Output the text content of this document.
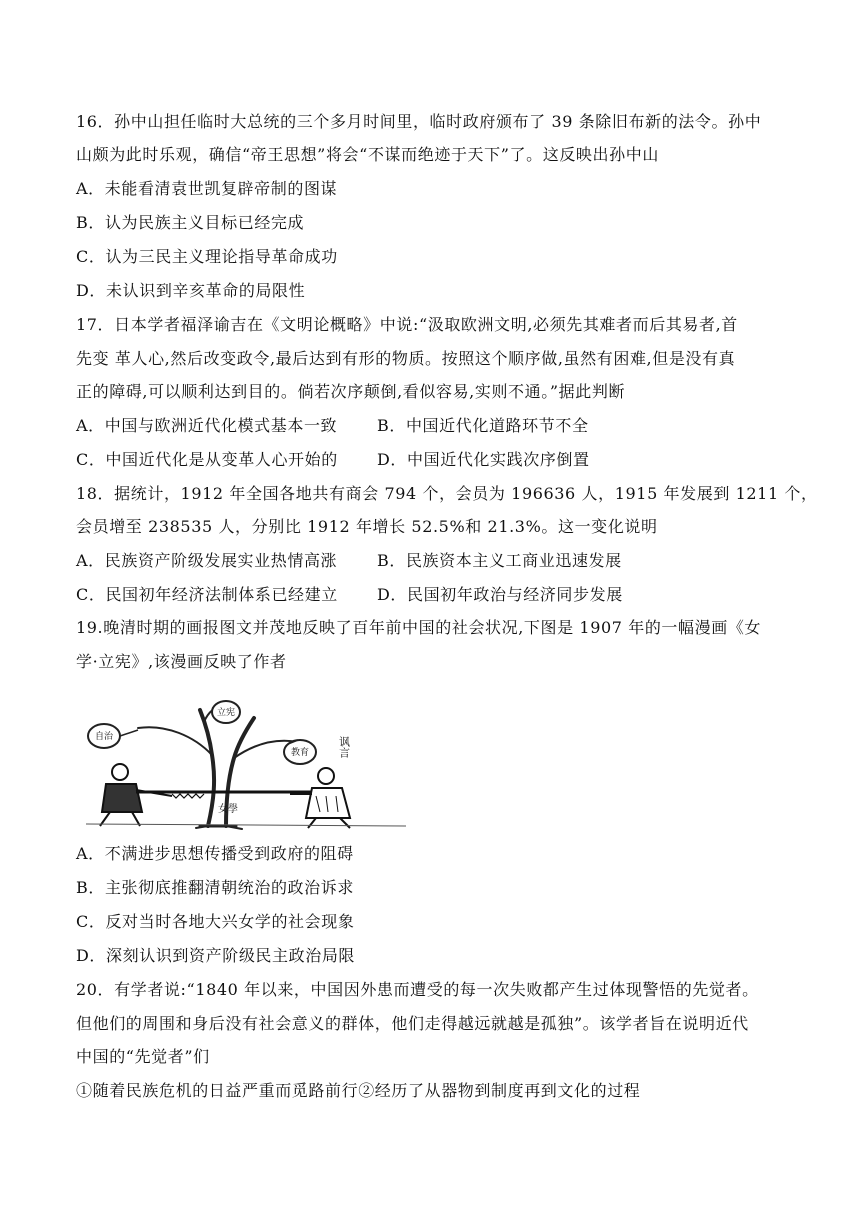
16．孙中山担任临时大总统的三个多月时间里，临时政府颁布了 39 条除旧布新的法令。孙中
山颇为此时乐观，确信“帝王思想”将会“不谋而绝迹于天下”了。这反映出孙中山
A．未能看清袁世凯复辟帝制的图谋
B．认为民族主义目标已经完成
C．认为三民主义理论指导革命成功
D．未认识到辛亥革命的局限性
17．日本学者福泽谕吉在《文明论概略》中说:“汲取欧洲文明,必须先其难者而后其易者,首
先变 革人心,然后改变政令,最后达到有形的物质。按照这个顺序做,虽然有困难,但是没有真
正的障碍,可以顺利达到目的。倘若次序颠倒,看似容易,实则不通。”据此判断
A．中国与欧洲近代化模式基本一致 B．中国近代化道路环节不全
C．中国近代化是从变革人心开始的 D．中国近代化实践次序倒置
18．据统计，1912 年全国各地共有商会 794 个，会员为 196636 人，1915 年发展到 1211 个，
会员增至 238535 人，分别比 1912 年增长 52.5%和 21.3%。这一变化说明
A．民族资产阶级发展实业热情高涨 B．民族资本主义工商业迅速发展
C．民国初年经济法制体系已经建立 D．民国初年政治与经济同步发展
19.晚清时期的画报图文并茂地反映了百年前中国的社会状况,下图是 1907 年的一幅漫画《女
学·立宪》,该漫画反映了作者
自治
立宪
教育
女學
讽言
A．不满进步思想传播受到政府的阻碍
B．主张彻底推翻清朝统治的政治诉求
C．反对当时各地大兴女学的社会现象
D．深刻认识到资产阶级民主政治局限
20．有学者说:“1840 年以来，中国因外患而遭受的每一次失败都产生过体现警悟的先觉者。
但他们的周围和身后没有社会意义的群体，他们走得越远就越是孤独”。该学者旨在说明近代
中国的“先觉者”们
①随着民族危机的日益严重而觅路前行②经历了从器物到制度再到文化的过程
